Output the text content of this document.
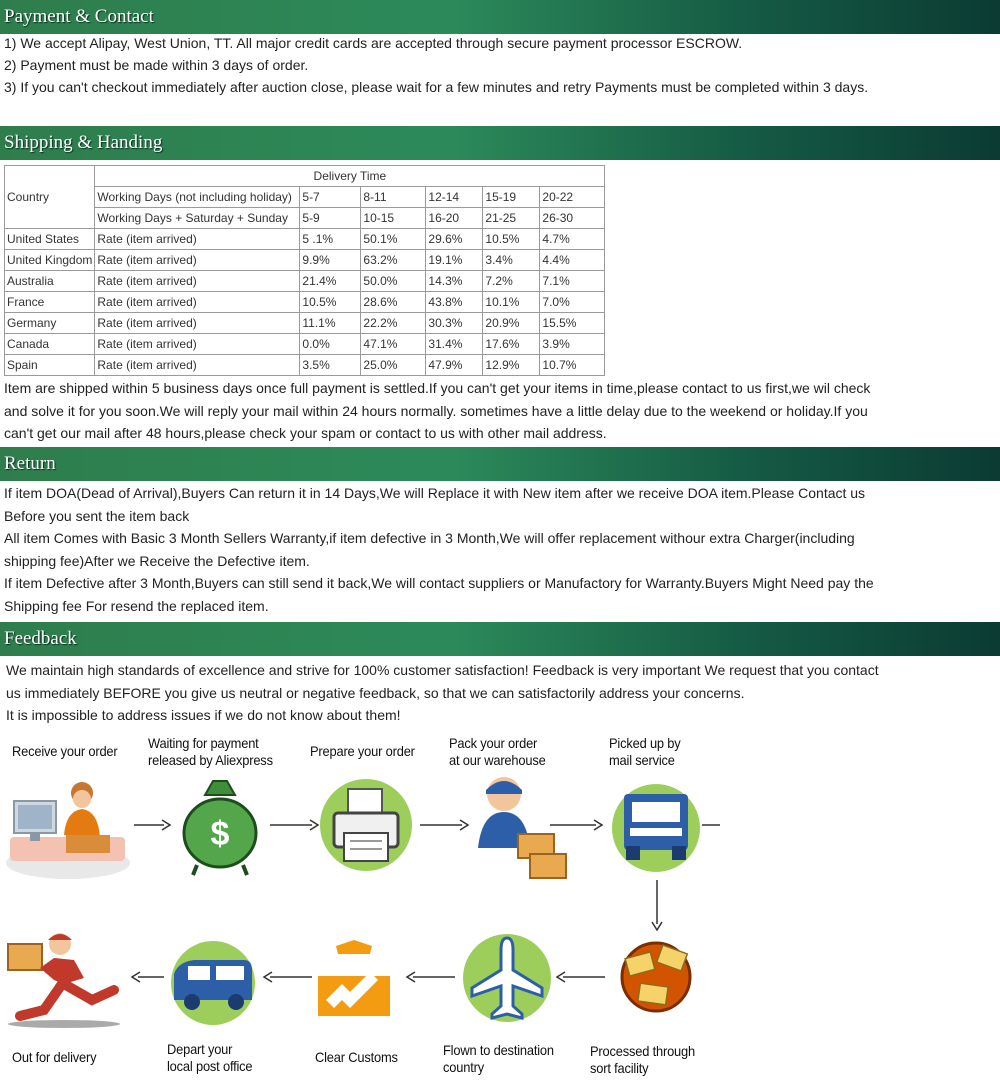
Payment & Contact

1) We accept Alipay, West Union, TT. All major credit cards are accepted through secure payment processor ESCROW.

2) Payment must be made within 3 days of order.

3) If you can't checkout immediately after auction close, please wait for a few minutes and retry Payments must be completed within 3 days.

Shipping & Handing
Country	Delivery Time					
	Working Days (not including holiday)	5-7	8-11	12-14	15-19	20-22
	Working Days + Saturday + Sunday	5-9	10-15	16-20	21-25	26-30
United States	Rate (item arrived)	5 .1%	50.1%	29.6%	10.5%	4.7%
United Kingdom	Rate (item arrived)	9.9%	63.2%	19.1%	3.4%	4.4%
Australia	Rate (item arrived)	21.4%	50.0%	14.3%	7.2%	7.1%
France	Rate (item arrived)	10.5%	28.6%	43.8%	10.1%	7.0%
Germany	Rate (item arrived)	11.1%	22.2%	30.3%	20.9%	15.5%
Canada	Rate (item arrived)	0.0%	47.1%	31.4%	17.6%	3.9%
Spain	Rate (item arrived)	3.5%	25.0%	47.9%	12.9%	10.7%

Item are shipped within 5 business days once full payment is settled.If you can't get your items in time,please contact to us first,we wil check and solve it for you soon.We will reply your mail within 24 hours normally. sometimes have a little delay due to the weekend or holiday.If you can't get our mail after 48 hours,please check your spam or contact to us with other mail address.

Return

If item DOA(Dead of Arrival),Buyers Can return it in 14 Days,We will Replace it with New item after we receive DOA item.Please Contact us Before you sent the item back
All item Comes with Basic 3 Month Sellers Warranty,if item defective in 3 Month,We will offer replacement withour extra Charger(including shipping fee)After we Receive the Defective item.
If item Defective after 3 Month,Buyers can still send it back,We will contact suppliers or Manufactory for Warranty.Buyers Might Need pay the Shipping fee For resend the replaced item.

Feedback

We maintain high standards of excellence and strive for 100% customer satisfaction! Feedback is very important We request that you contact us immediately BEFORE you give us neutral or negative feedback, so that we can satisfactorily address your concerns.
It is impossible to address issues if we do not know about them!

Receive your order Waiting for payment
released by Aliexpress
Prepare your order Pack your order
at our warehouse
Picked up by
mail service
Processed through
sort facility
Flown to destination
country
Clear Customs
Depart your
local post office
Out for delivery
$
